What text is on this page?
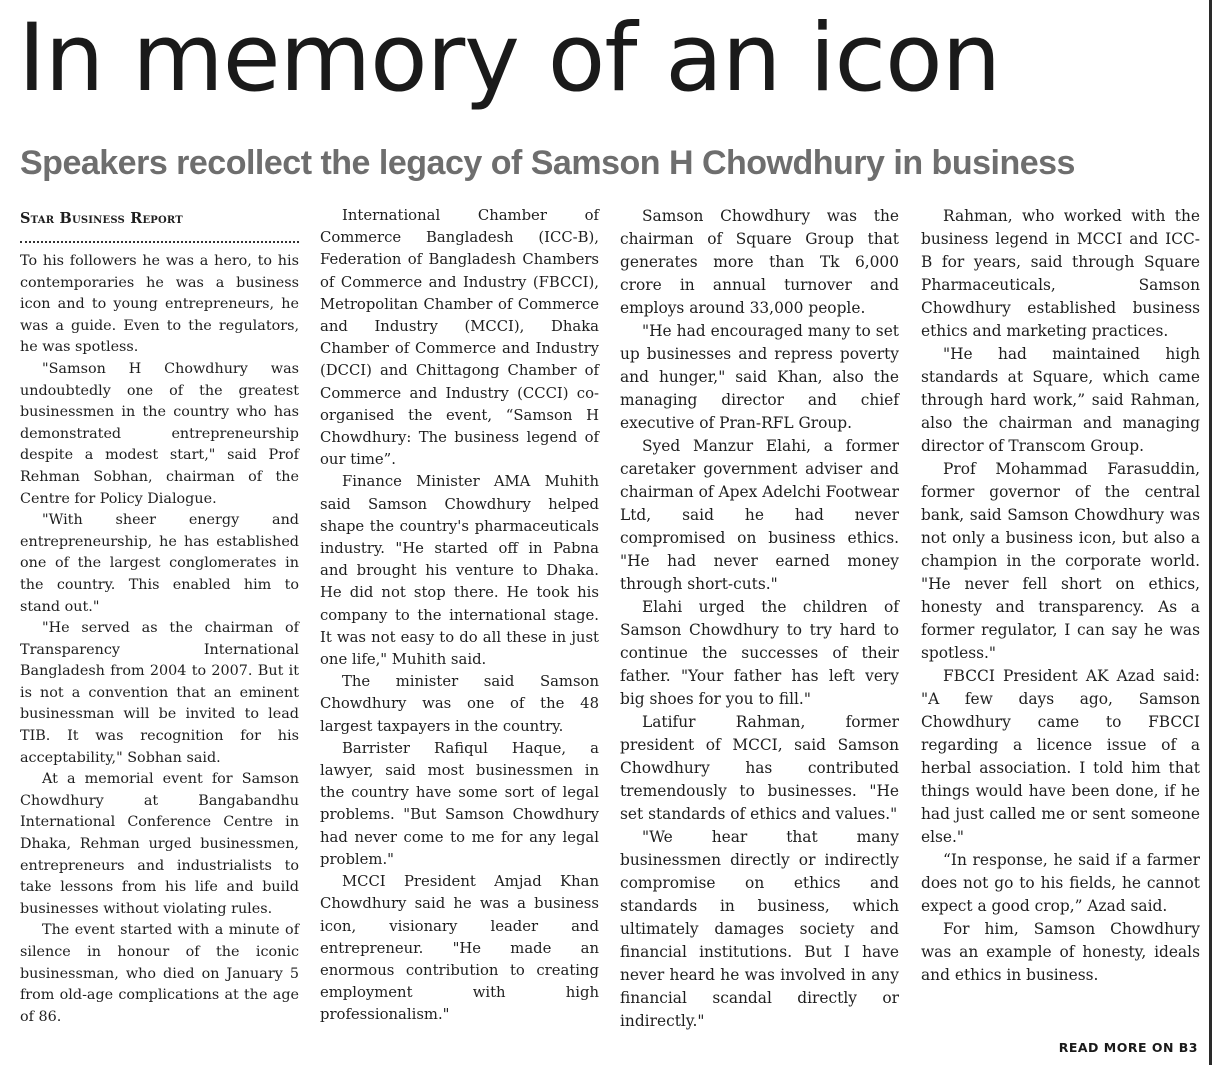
In memory of an icon
Speakers recollect the legacy of Samson H Chowdhury in business
Star Business Report

To his followers he was a hero, to his contemporaries he was a business icon and to young entrepreneurs, he was a guide. Even to the regulators, he was spotless.

"Samson H Chowdhury was undoubtedly one of the greatest businessmen in the country who has demonstrated entrepreneurship despite a modest start," said Prof Rehman Sobhan, chairman of the Centre for Policy Dialogue.

"With sheer energy and entrepreneurship, he has established one of the largest conglomerates in the country. This enabled him to stand out."

"He served as the chairman of Transparency International Bangladesh from 2004 to 2007. But it is not a convention that an eminent businessman will be invited to lead TIB. It was recognition for his acceptability," Sobhan said.

At a memorial event for Samson Chowdhury at Bangabandhu International Conference Centre in Dhaka, Rehman urged businessmen, entrepreneurs and industrialists to take lessons from his life and build businesses without violating rules.

The event started with a minute of silence in honour of the iconic businessman, who died on January 5 from old-age complications at the age of 86.

International Chamber of Commerce Bangladesh (ICC-B), Federation of Bangladesh Chambers of Commerce and Industry (FBCCI), Metropolitan Chamber of Commerce and Industry (MCCI), Dhaka Chamber of Commerce and Industry (DCCI) and Chittagong Chamber of Commerce and Industry (CCCI) co-organised the event, “Samson H Chowdhury: The business legend of our time”.

Finance Minister AMA Muhith said Samson Chowdhury helped shape the country's pharmaceuticals industry. "He started off in Pabna and brought his venture to Dhaka. He did not stop there. He took his company to the international stage. It was not easy to do all these in just one life," Muhith said.

The minister said Samson Chowdhury was one of the 48 largest taxpayers in the country.

Barrister Rafiqul Haque, a lawyer, said most businessmen in the country have some sort of legal problems. "But Samson Chowdhury had never come to me for any legal problem."

MCCI President Amjad Khan Chowdhury said he was a business icon, visionary leader and entrepreneur. "He made an enormous contribution to creating employment with high professionalism."

Samson Chowdhury was the chairman of Square Group that generates more than Tk 6,000 crore in annual turnover and employs around 33,000 people.

"He had encouraged many to set up businesses and repress poverty and hunger," said Khan, also the managing director and chief executive of Pran-RFL Group.

Syed Manzur Elahi, a former caretaker government adviser and chairman of Apex Adelchi Footwear Ltd, said he had never compromised on business ethics. "He had never earned money through short-cuts."

Elahi urged the children of Samson Chowdhury to try hard to continue the successes of their father. "Your father has left very big shoes for you to fill."

Latifur Rahman, former president of MCCI, said Samson Chowdhury has contributed tremendously to businesses. "He set standards of ethics and values."

"We hear that many businessmen directly or indirectly compromise on ethics and standards in business, which ultimately damages society and financial institutions. But I have never heard he was involved in any financial scandal directly or indirectly."

Rahman, who worked with the business legend in MCCI and ICC-B for years, said through Square Pharmaceuticals, Samson Chowdhury established business ethics and marketing practices.

"He had maintained high standards at Square, which came through hard work,” said Rahman, also the chairman and managing director of Transcom Group.

Prof Mohammad Farasuddin, former governor of the central bank, said Samson Chowdhury was not only a business icon, but also a champion in the corporate world. "He never fell short on ethics, honesty and transparency. As a former regulator, I can say he was spotless."

FBCCI President AK Azad said: "A few days ago, Samson Chowdhury came to FBCCI regarding a licence issue of a herbal association. I told him that things would have been done, if he had just called me or sent someone else."

“In response, he said if a farmer does not go to his fields, he cannot expect a good crop,” Azad said.

For him, Samson Chowdhury was an example of honesty, ideals and ethics in business.

READ MORE ON B3
